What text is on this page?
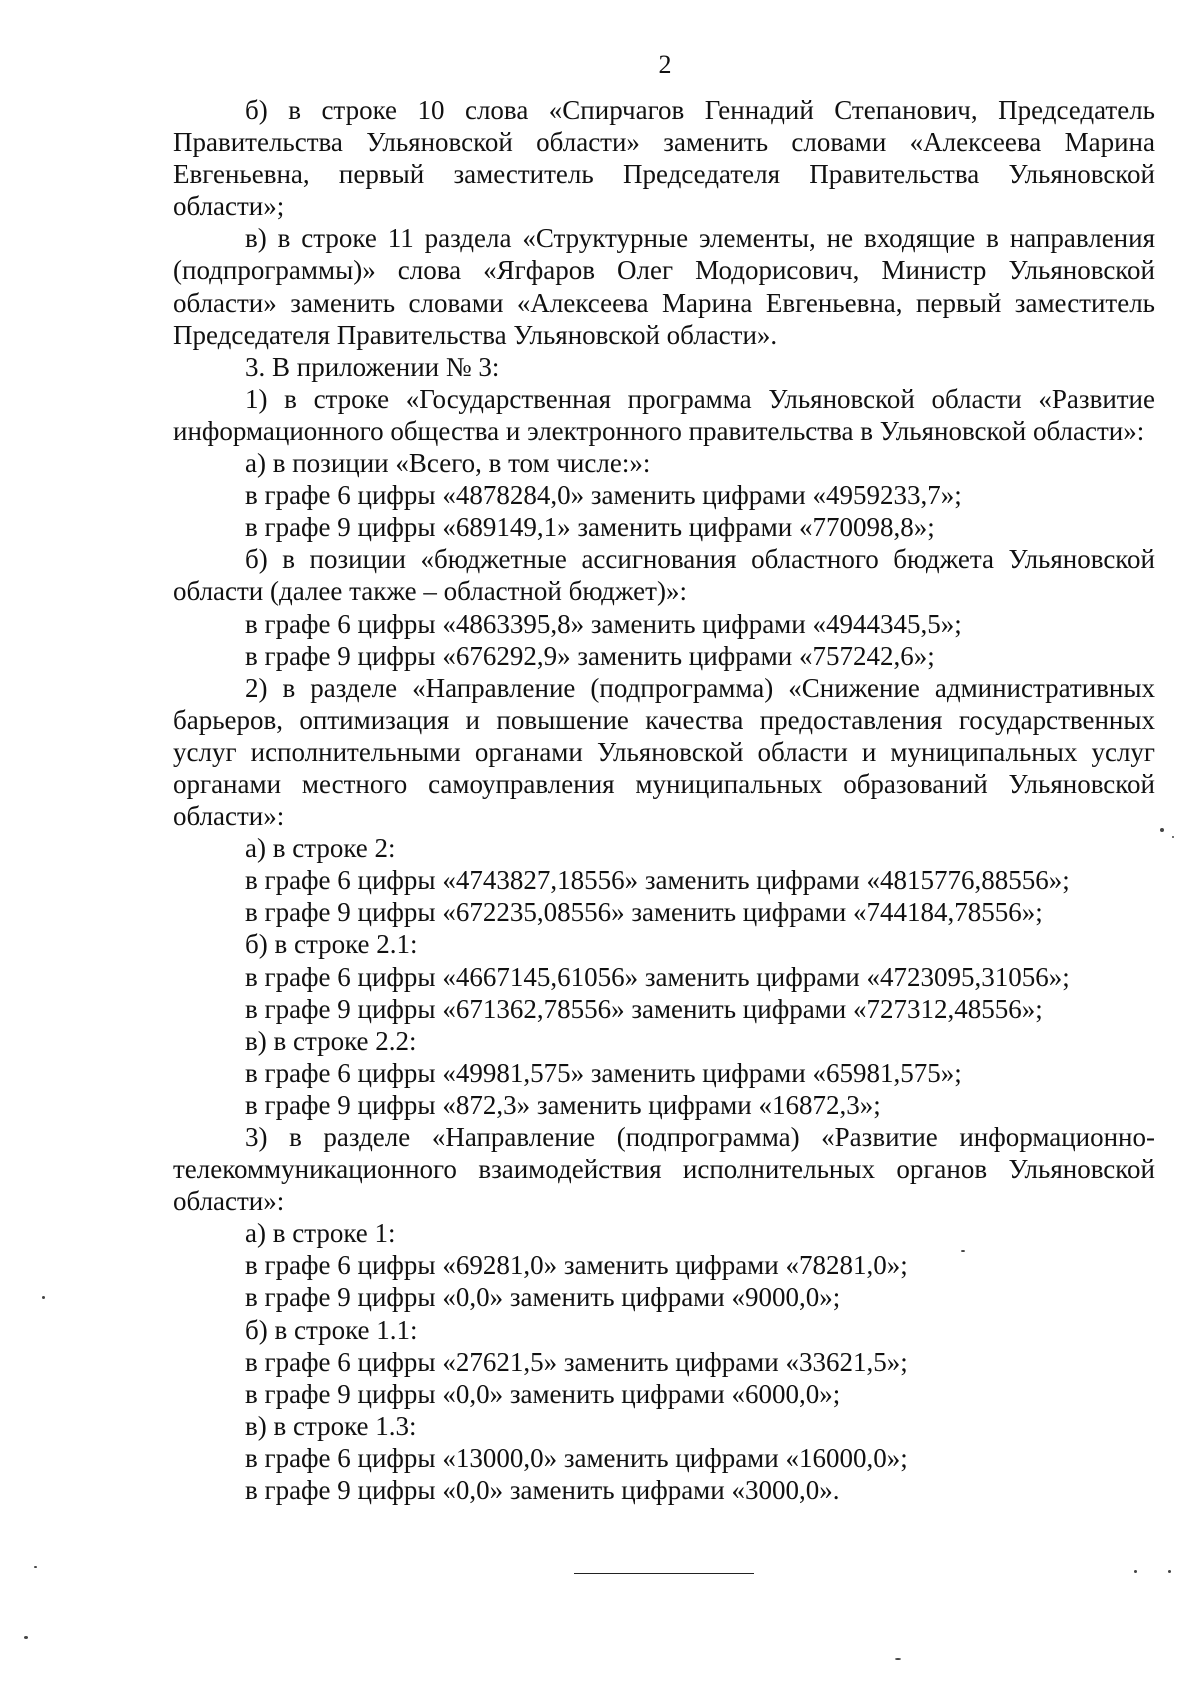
2

б) в строке 10 слова «Спирчагов Геннадий Степанович, Председатель Правительства Ульяновской области» заменить словами «Алексеева Марина Евгеньевна, первый заместитель Председателя Правительства Ульяновской области»;

в) в строке 11 раздела «Структурные элементы, не входящие в направления (подпрограммы)» слова «Ягфаров Олег Модорисович, Министр Ульяновской области» заменить словами «Алексеева Марина Евгеньевна, первый заместитель Председателя Правительства Ульяновской области».

3. В приложении № 3:

1) в строке «Государственная программа Ульяновской области «Развитие информационного общества и электронного правительства в Ульяновской области»:

а) в позиции «Всего, в том числе:»:

в графе 6 цифры «4878284,0» заменить цифрами «4959233,7»;

в графе 9 цифры «689149,1» заменить цифрами «770098,8»;

б) в позиции «бюджетные ассигнования областного бюджета Ульяновской области (далее также – областной бюджет)»:

в графе 6 цифры «4863395,8» заменить цифрами «4944345,5»;

в графе 9 цифры «676292,9» заменить цифрами «757242,6»;

2) в разделе «Направление (подпрограмма) «Снижение административных барьеров, оптимизация и повышение качества предоставления государственных услуг исполнительными органами Ульяновской области и муниципальных услуг органами местного самоуправления муниципальных образований Ульяновской области»:

а) в строке 2:

в графе 6 цифры «4743827,18556» заменить цифрами «4815776,88556»;

в графе 9 цифры «672235,08556» заменить цифрами «744184,78556»;

б) в строке 2.1:

в графе 6 цифры «4667145,61056» заменить цифрами «4723095,31056»;

в графе 9 цифры «671362,78556» заменить цифрами «727312,48556»;

в) в строке 2.2:

в графе 6 цифры «49981,575» заменить цифрами «65981,575»;

в графе 9 цифры «872,3» заменить цифрами «16872,3»;

3) в разделе «Направление (подпрограмма) «Развитие информационно-телекоммуникационного взаимодействия исполнительных органов Ульяновской области»:

а) в строке 1:

в графе 6 цифры «69281,0» заменить цифрами «78281,0»;

в графе 9 цифры «0,0» заменить цифрами «9000,0»;

б) в строке 1.1:

в графе 6 цифры «27621,5» заменить цифрами «33621,5»;

в графе 9 цифры «0,0» заменить цифрами «6000,0»;

в) в строке 1.3:

в графе 6 цифры «13000,0» заменить цифрами «16000,0»;

в графе 9 цифры «0,0» заменить цифрами «3000,0».
